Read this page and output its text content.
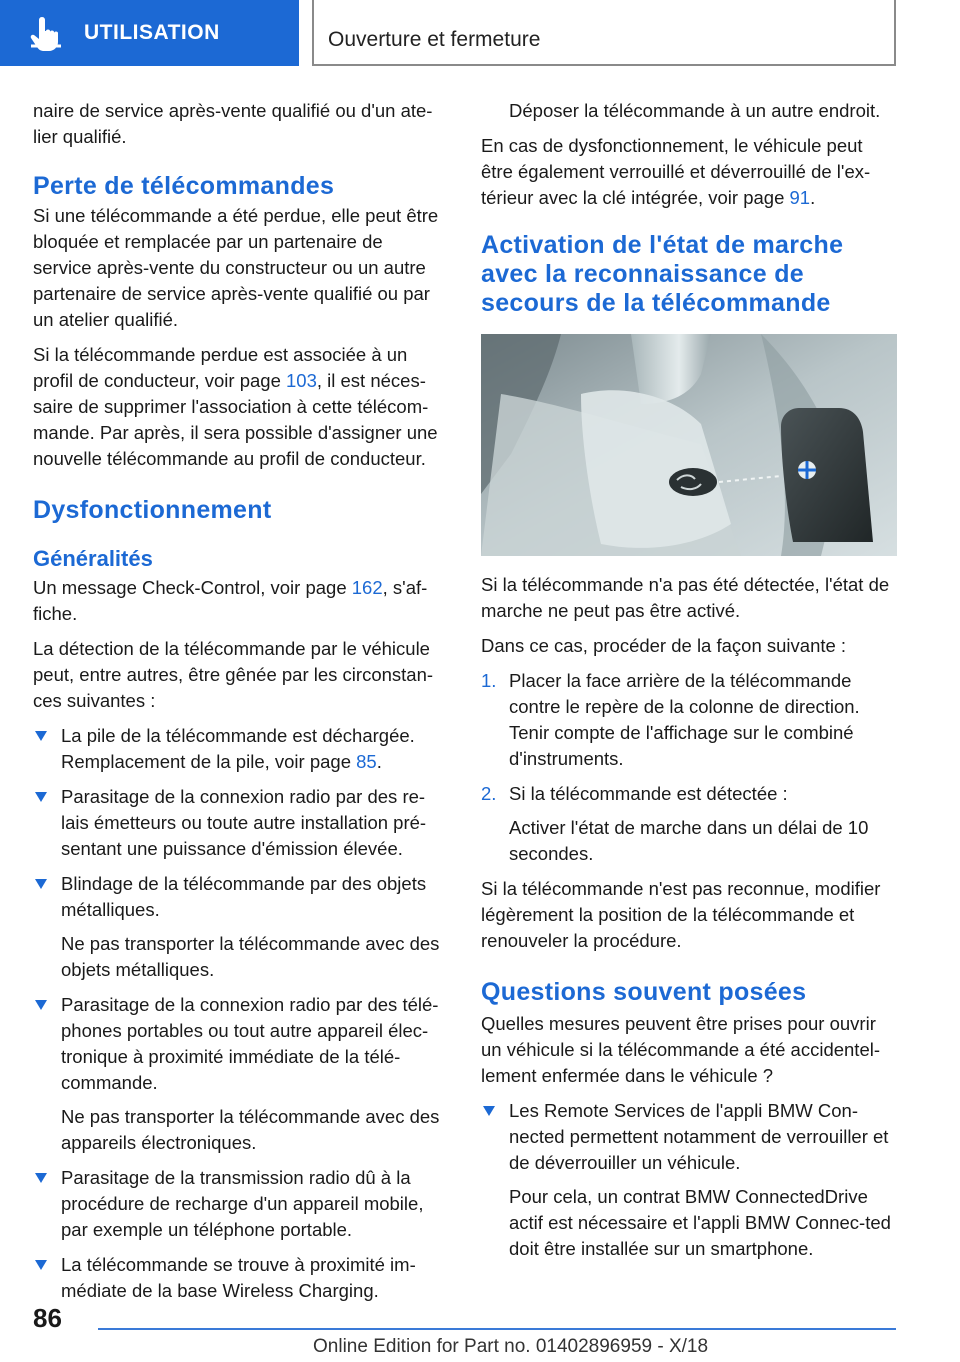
UTILISATION	Ouverture et fermeture

naire de service après-vente qualifié ou d'un ate-lier qualifié.

Perte de télécommandes

Si une télécommande a été perdue, elle peut être bloquée et remplacée par un partenaire de service après-vente du constructeur ou un autre partenaire de service après-vente qualifié ou par un atelier qualifié.

Si la télécommande perdue est associée à un profil de conducteur, voir page 103, il est néces-saire de supprimer l'association à cette télécom-mande. Par après, il sera possible d'assigner une nouvelle télécommande au profil de conducteur.

Dysfonctionnement
Généralités

Un message Check-Control, voir page 162, s'af-fiche.

La détection de la télécommande par le véhicule peut, entre autres, être gênée par les circonstan-ces suivantes :

La pile de la télécommande est déchargée. Remplacement de la pile, voir page 85.
Parasitage de la connexion radio par des re-lais émetteurs ou toute autre installation pré-sentant une puissance d'émission élevée.
Blindage de la télécommande par des objets métalliques.
Ne pas transporter la télécommande avec des objets métalliques.
Parasitage de la connexion radio par des télé-phones portables ou tout autre appareil élec-tronique à proximité immédiate de la télé-commande.
Ne pas transporter la télécommande avec des appareils électroniques.
Parasitage de la transmission radio dû à la procédure de recharge d'un appareil mobile, par exemple un téléphone portable.
La télécommande se trouve à proximité im-médiate de la base Wireless Charging.

Déposer la télécommande à un autre endroit.

En cas de dysfonctionnement, le véhicule peut être également verrouillé et déverrouillé de l'ex-térieur avec la clé intégrée, voir page 91.

Activation de l'état de marche avec la reconnaissance de secours de la télécommande

Si la télécommande n'a pas été détectée, l'état de marche ne peut pas être activé.

Dans ce cas, procéder de la façon suivante :

1. Placer la face arrière de la télécommande contre le repère de la colonne de direction. Tenir compte de l'affichage sur le combiné d'instruments.
2. Si la télécommande est détectée :
Activer l'état de marche dans un délai de 10 secondes.

Si la télécommande n'est pas reconnue, modifier légèrement la position de la télécommande et renouveler la procédure.

Questions souvent posées

Quelles mesures peuvent être prises pour ouvrir un véhicule si la télécommande a été accidentel-lement enfermée dans le véhicule ?

Les Remote Services de l'appli BMW Con-nected permettent notamment de verrouiller et de déverrouiller un véhicule.
Pour cela, un contrat BMW ConnectedDrive actif est nécessaire et l'appli BMW Connec-ted doit être installée sur un smartphone.
86
Online Edition for Part no. 01402896959 - X/18
